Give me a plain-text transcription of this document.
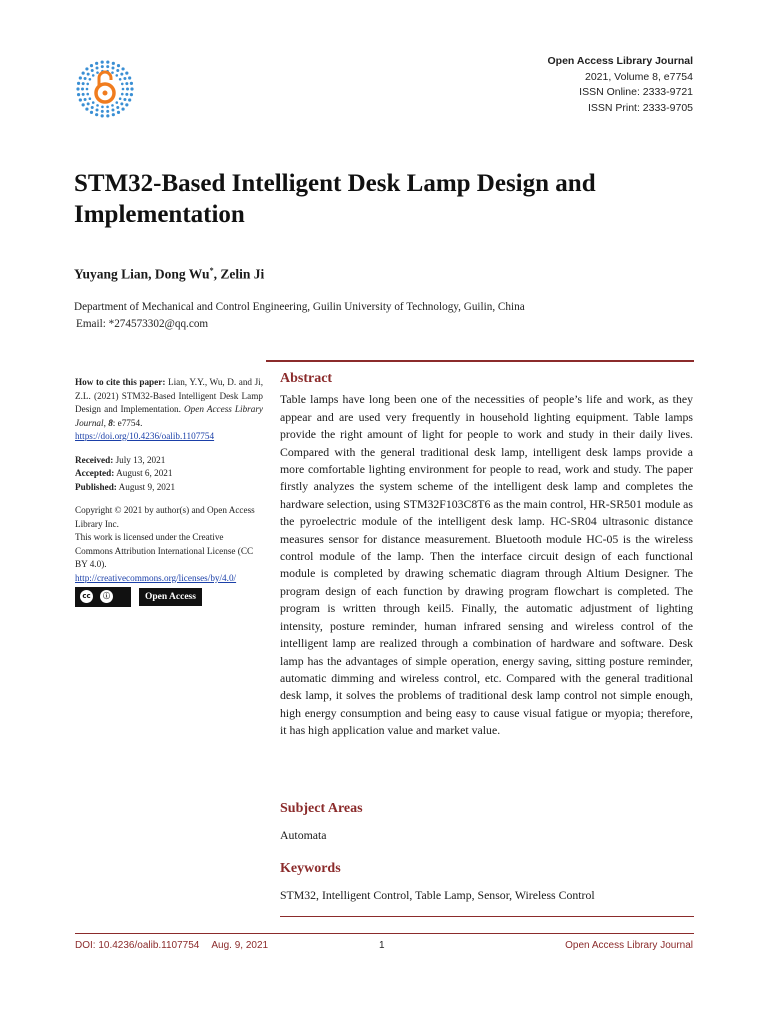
Open Access Library Journal
2021, Volume 8, e7754
ISSN Online: 2333-9721
ISSN Print: 2333-9705
STM32-Based Intelligent Desk Lamp Design and Implementation
Yuyang Lian, Dong Wu*, Zelin Ji
Department of Mechanical and Control Engineering, Guilin University of Technology, Guilin, China
Email: *274573302@qq.com

How to cite this paper: Lian, Y.Y., Wu, D. and Ji, Z.L. (2021) STM32-Based Intelligent Desk Lamp Design and Implementation. Open Access Library Journal, 8: e7754.
https://doi.org/10.4236/oalib.1107754

Received: July 13, 2021
Accepted: August 6, 2021
Published: August 9, 2021

Copyright © 2021 by author(s) and Open Access Library Inc.
This work is licensed under the Creative Commons Attribution International License (CC BY 4.0).
http://creativecommons.org/licenses/by/4.0/

cc	ⓘ	Open Access
Abstract

Table lamps have long been one of the necessities of people’s life and work, as they appear and are used very frequently in household lighting equipment. Table lamps provide the right amount of light for people to work and study in their daily lives. Compared with the general traditional desk lamp, intelligent desk lamps provide a more comfortable lighting environment for people to read, work and study. The paper firstly analyzes the system scheme of the intelligent desk lamp and completes the hardware selection, using STM32F103C8T6 as the main control, HR-SR501 module as the pyroelectric module of the intelligent desk lamp. HC-SR04 ultrasonic distance measures sensor for distance measurement. Bluetooth module HC-05 is the wireless control module of the lamp. Then the interface circuit design of each functional module is completed by drawing schematic diagram through Altium Designer. The program design of each function by drawing program flowchart is completed. The program is written through keil5. Finally, the automatic adjustment of lighting intensity, posture reminder, human infrared sensing and wireless control of the intelligent lamp are realized through a combination of hardware and software. Desk lamp has the advantages of simple operation, energy saving, sitting posture reminder, automatic dimming and wireless control, etc. Compared with the general traditional desk lamp, it solves the problems of traditional desk lamp control not simple enough, high energy consumption and being easy to cause visual fatigue or myopia; therefore, it has high application value and market value.

Subject Areas
Automata
Keywords
STM32, Intelligent Control, Table Lamp, Sensor, Wireless Control
DOI: 10.4236/oalib.1107754 Aug. 9, 2021	1	Open Access Library Journal
